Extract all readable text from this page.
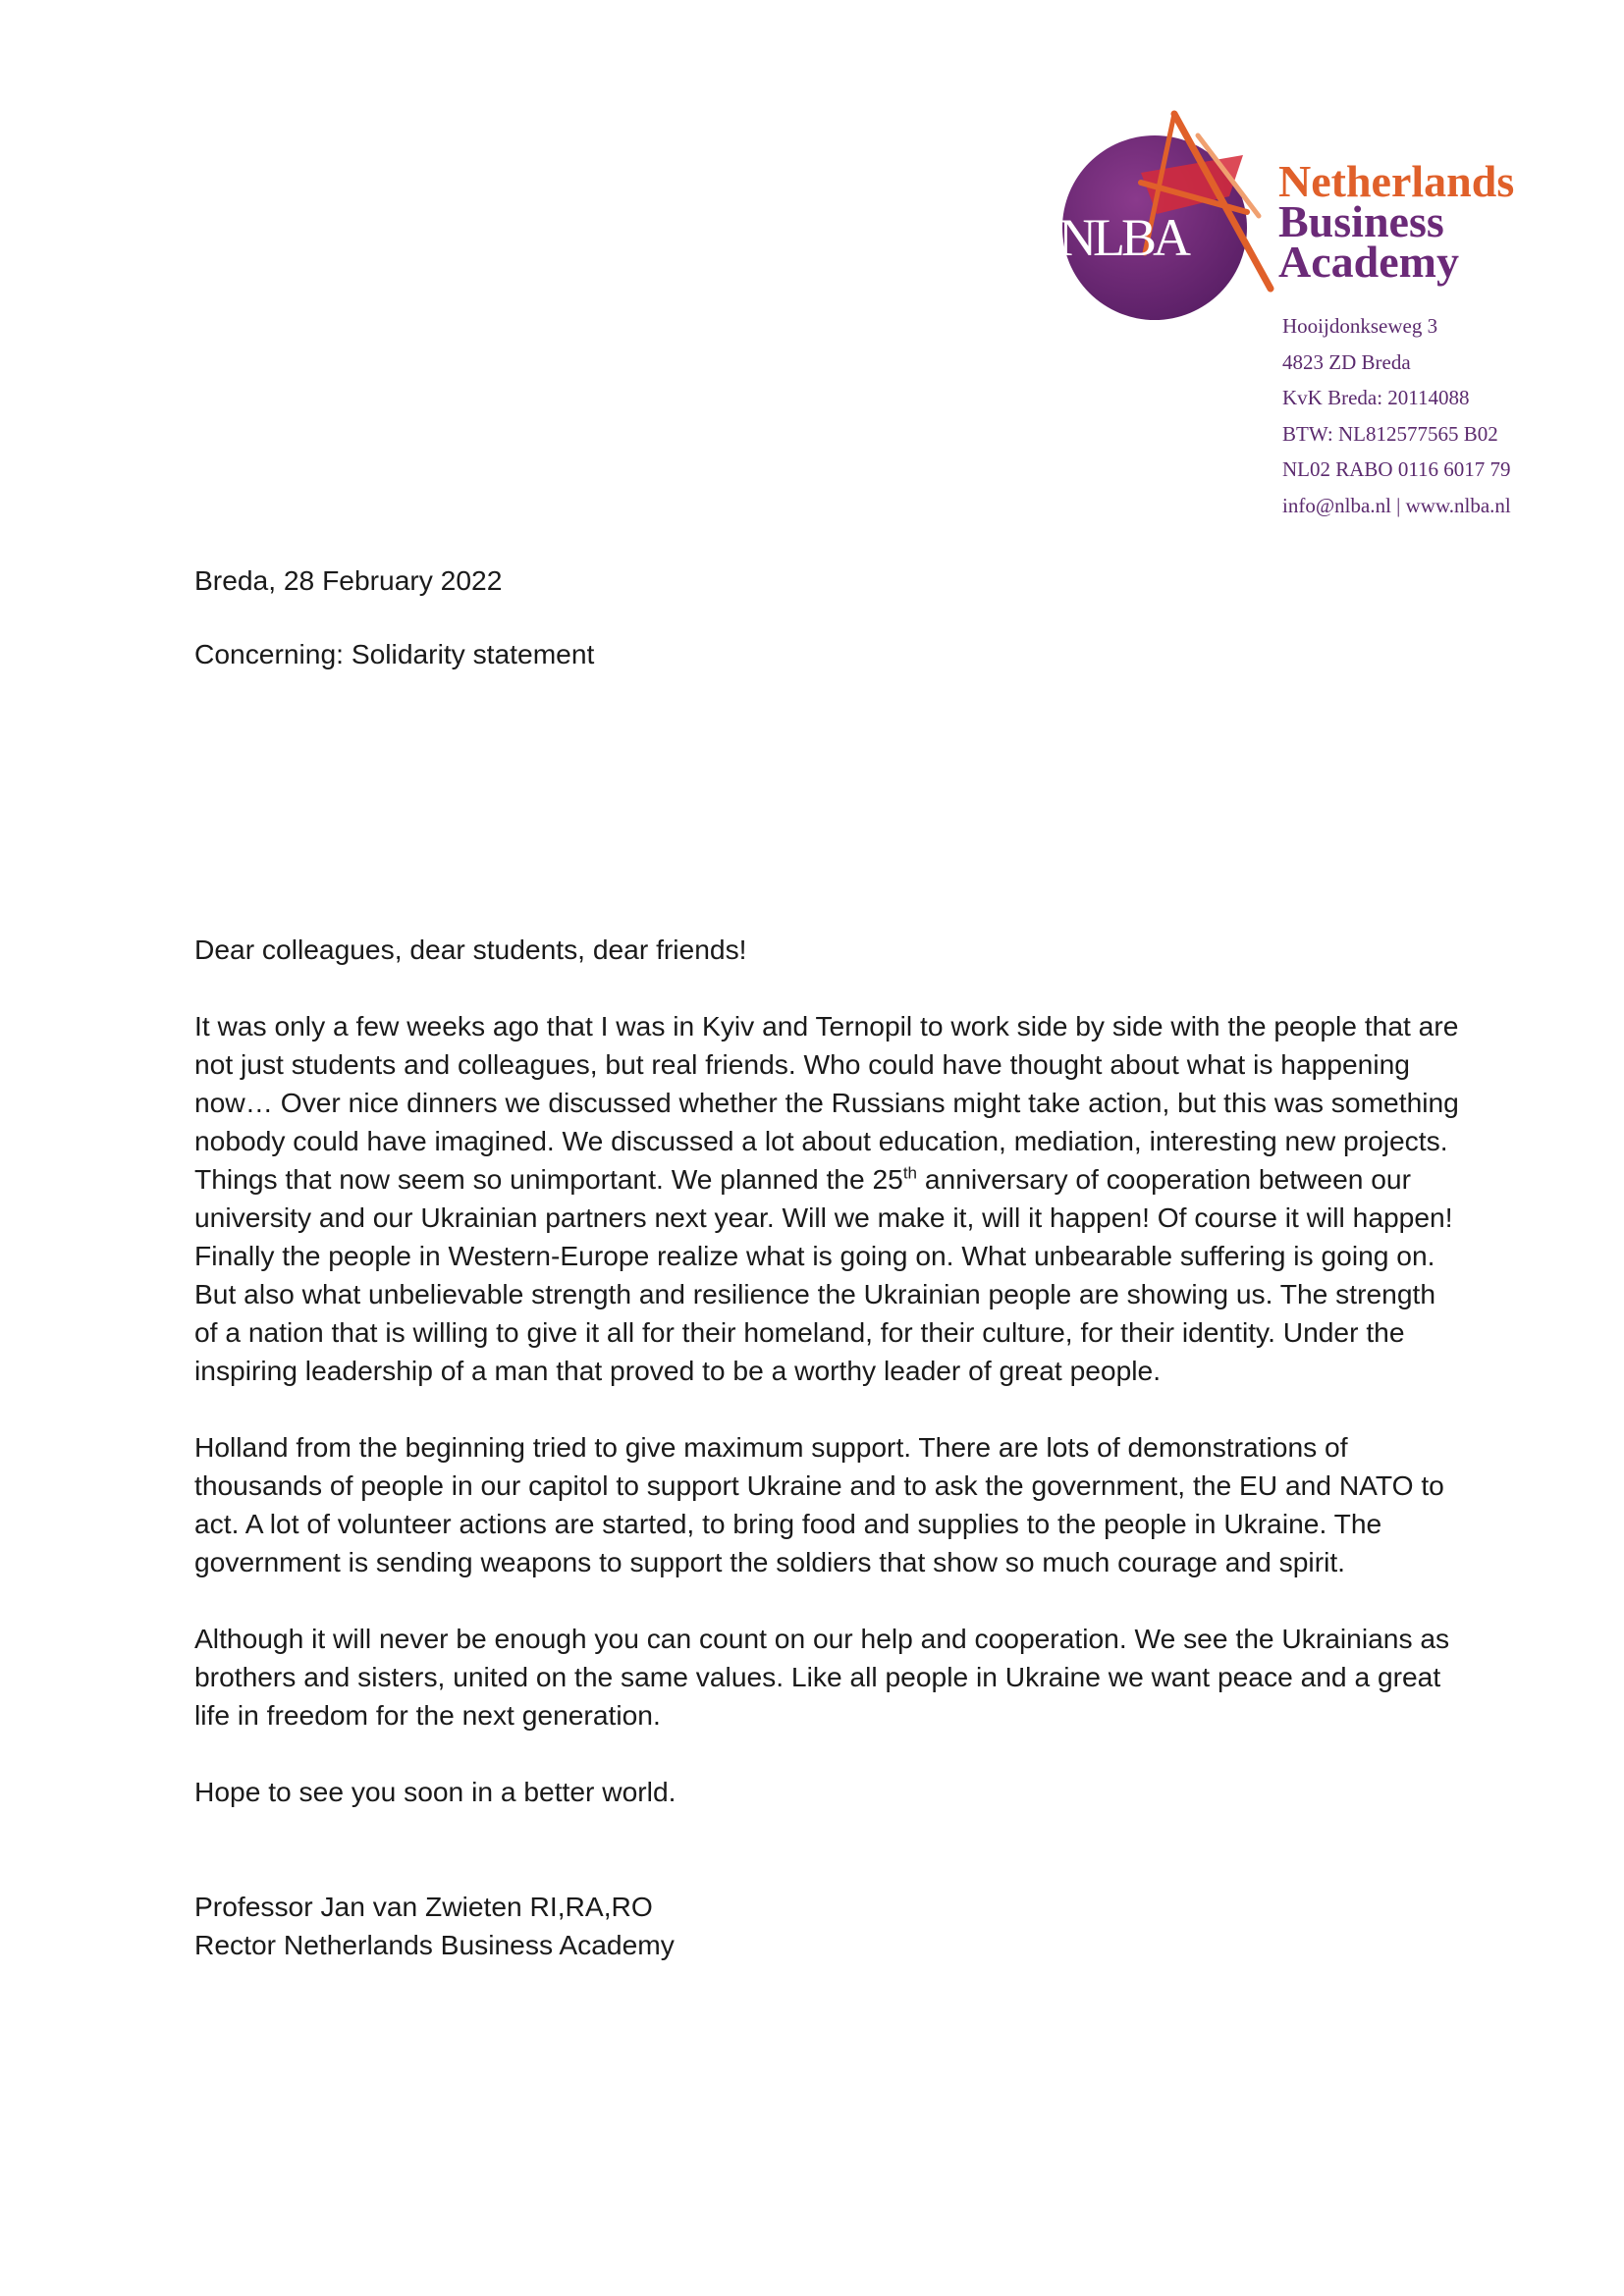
NLBA
Netherlands
Business
Academy
Hooijdonkseweg 3
4823 ZD Breda
KvK Breda: 20114088
BTW: NL812577565 B02
NL02 RABO 0116 6017 79
info@nlba.nl | www.nlba.nl

Breda, 28 February 2022

Concerning: Solidarity statement

Dear colleagues, dear students, dear friends!

It was only a few weeks ago that I was in Kyiv and Ternopil to work side by side with the people that are not just students and colleagues, but real friends. Who could have thought about what is happening now… Over nice dinners we discussed whether the Russians might take action, but this was something nobody could have imagined. We discussed a lot about education, mediation, interesting new projects. Things that now seem so unimportant. We planned the 25th anniversary of cooperation between our university and our Ukrainian partners next year. Will we make it, will it happen! Of course it will happen! Finally the people in Western-Europe realize what is going on. What unbearable suffering is going on. But also what unbelievable strength and resilience the Ukrainian people are showing us. The strength of a nation that is willing to give it all for their homeland, for their culture, for their identity. Under the inspiring leadership of a man that proved to be a worthy leader of great people.

Holland from the beginning tried to give maximum support. There are lots of demonstrations of thousands of people in our capitol to support Ukraine and to ask the government, the EU and NATO to act. A lot of volunteer actions are started, to bring food and supplies to the people in Ukraine. The government is sending weapons to support the soldiers that show so much courage and spirit.

Although it will never be enough you can count on our help and cooperation. We see the Ukrainians as brothers and sisters, united on the same values. Like all people in Ukraine we want peace and a great life in freedom for the next generation.

Hope to see you soon in a better world.

Professor Jan van Zwieten RI,RA,RO
Rector Netherlands Business Academy
